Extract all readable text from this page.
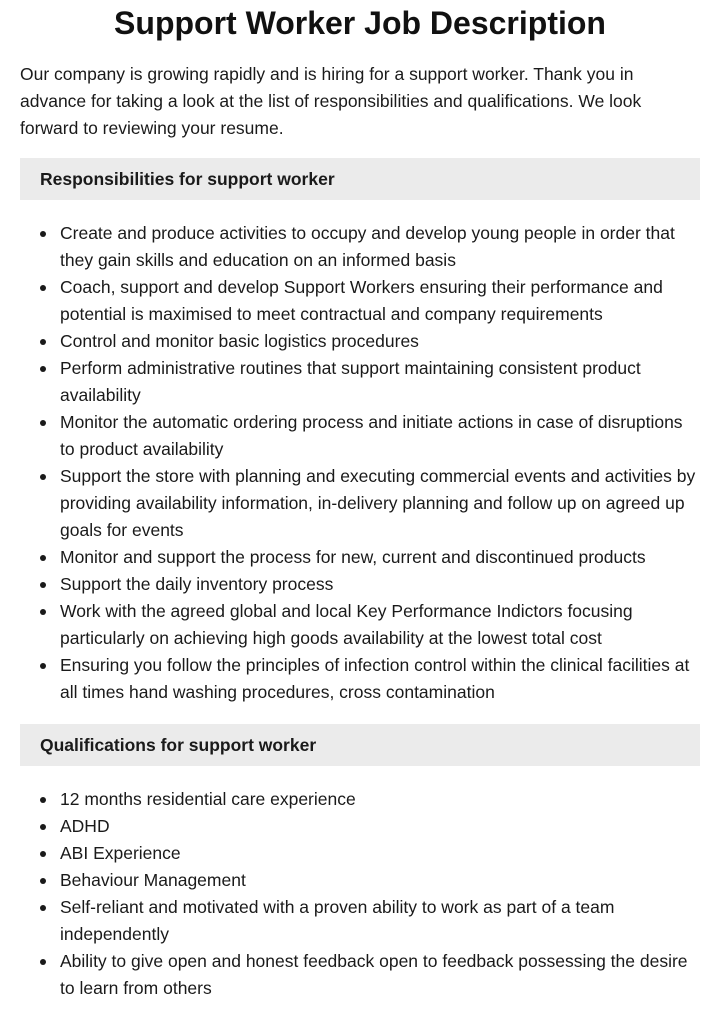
Support Worker Job Description

Our company is growing rapidly and is hiring for a support worker. Thank you in advance for taking a look at the list of responsibilities and qualifications. We look forward to reviewing your resume.

Responsibilities for support worker
Create and produce activities to occupy and develop young people in order that they gain skills and education on an informed basis
Coach, support and develop Support Workers ensuring their performance and potential is maximised to meet contractual and company requirements
Control and monitor basic logistics procedures
Perform administrative routines that support maintaining consistent product availability
Monitor the automatic ordering process and initiate actions in case of disruptions to product availability
Support the store with planning and executing commercial events and activities by providing availability information, in-delivery planning and follow up on agreed up goals for events
Monitor and support the process for new, current and discontinued products
Support the daily inventory process
Work with the agreed global and local Key Performance Indictors focusing particularly on achieving high goods availability at the lowest total cost
Ensuring you follow the principles of infection control within the clinical facilities at all times hand washing procedures, cross contamination
Qualifications for support worker
12 months residential care experience
ADHD
ABI Experience
Behaviour Management
Self-reliant and motivated with a proven ability to work as part of a team independently
Ability to give open and honest feedback open to feedback possessing the desire to learn from others
